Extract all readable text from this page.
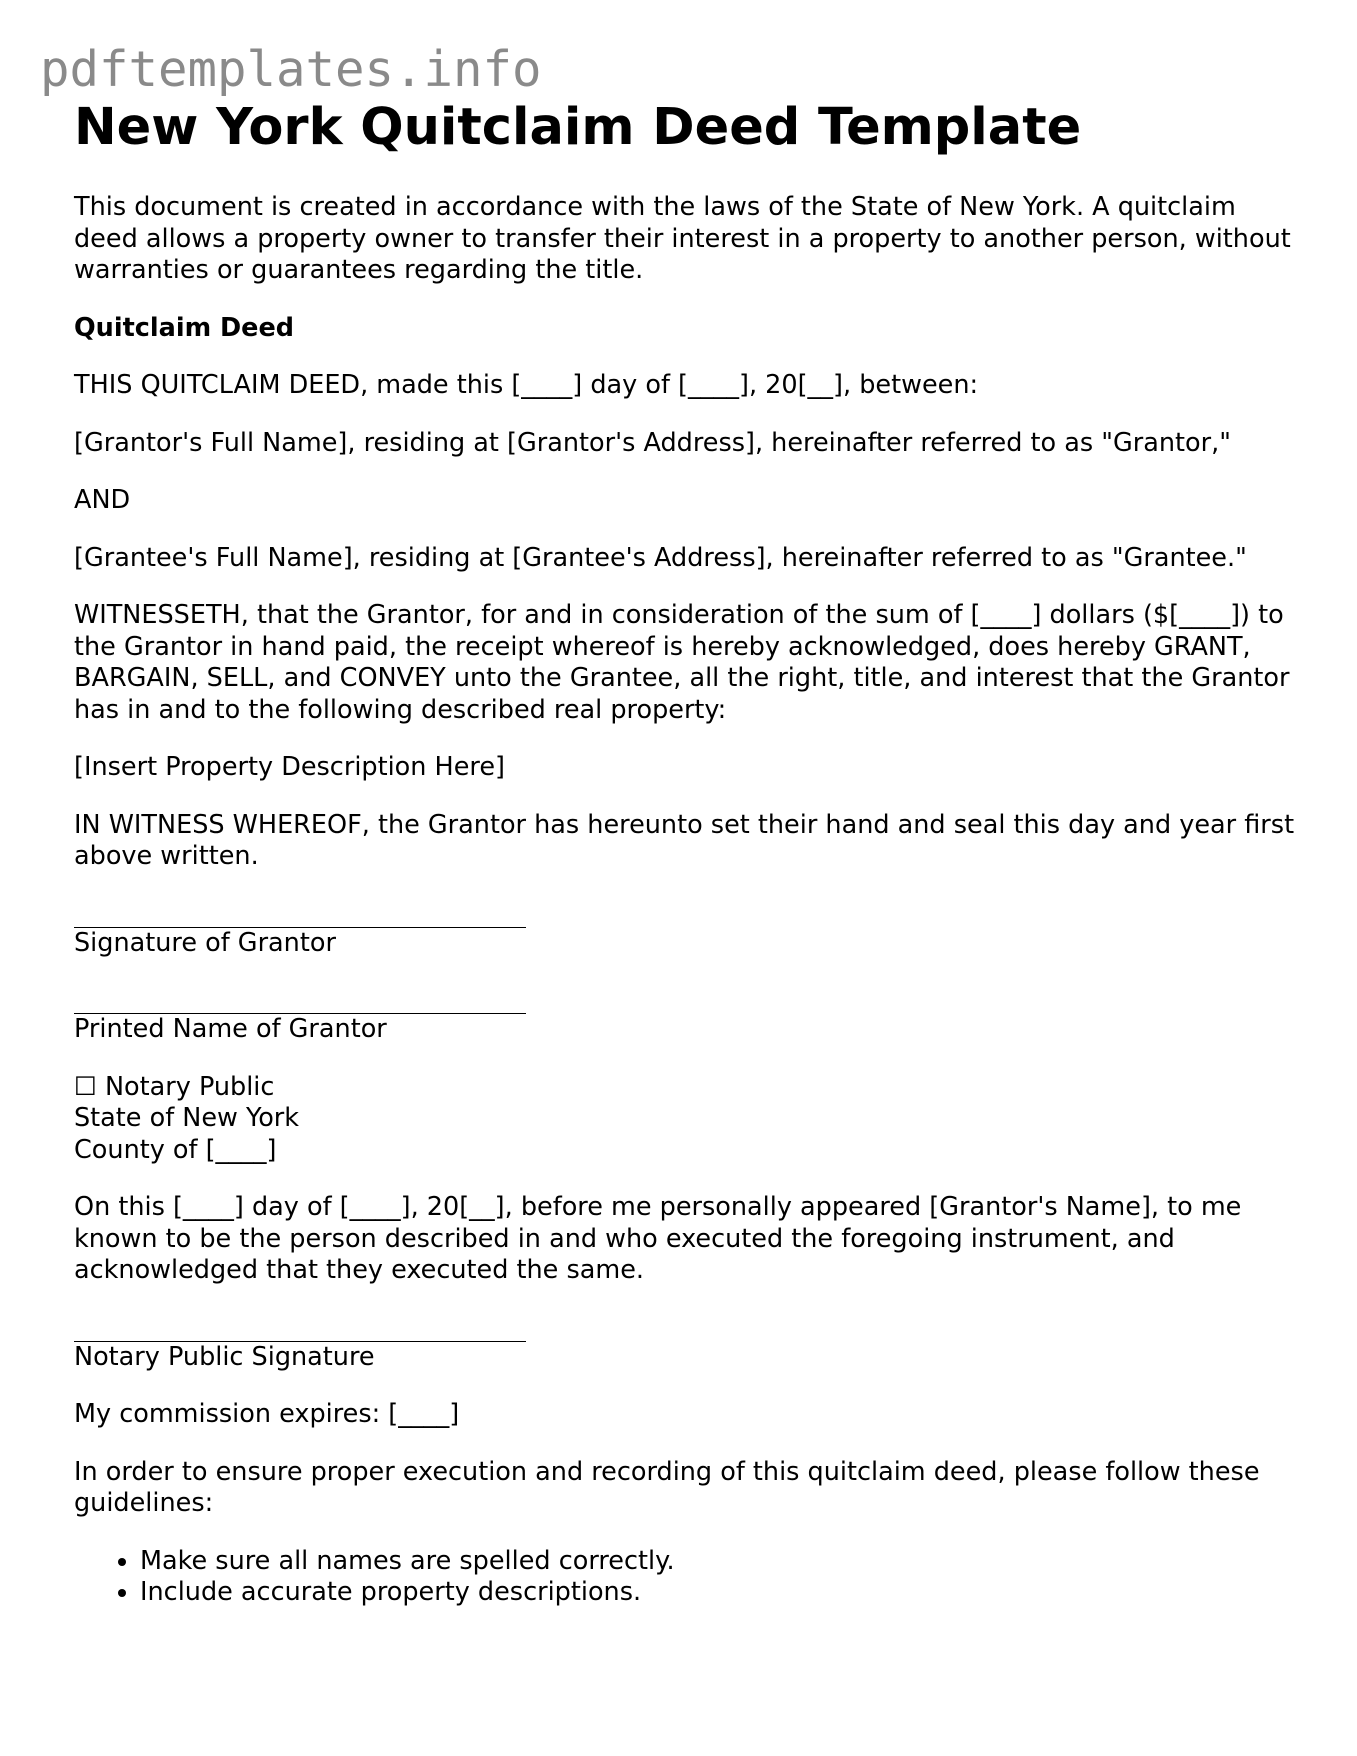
pdftemplates.info
New York Quitclaim Deed Template

This document is created in accordance with the laws of the State of New York. A quitclaim deed allows a property owner to transfer their interest in a property to another person, without warranties or guarantees regarding the title.

Quitclaim Deed

THIS QUITCLAIM DEED, made this [____] day of [____], 20[__], between:

[Grantor's Full Name], residing at [Grantor's Address], hereinafter referred to as "Grantor,"

AND

[Grantee's Full Name], residing at [Grantee's Address], hereinafter referred to as "Grantee."

WITNESSETH, that the Grantor, for and in consideration of the sum of [____] dollars ($[____]) to the Grantor in hand paid, the receipt whereof is hereby acknowledged, does hereby GRANT, BARGAIN, SELL, and CONVEY unto the Grantee, all the right, title, and interest that the Grantor has in and to the following described real property:

[Insert Property Description Here]

IN WITNESS WHEREOF, the Grantor has hereunto set their hand and seal this day and year first above written.

Signature of Grantor

Printed Name of Grantor

☐ Notary Public

State of New York

County of [____]

On this [____] day of [____], 20[__], before me personally appeared [Grantor's Name], to me known to be the person described in and who executed the foregoing instrument, and acknowledged that they executed the same.

Notary Public Signature

My commission expires: [____]

In order to ensure proper execution and recording of this quitclaim deed, please follow these guidelines:

• Make sure all names are spelled correctly.
• Include accurate property descriptions.
